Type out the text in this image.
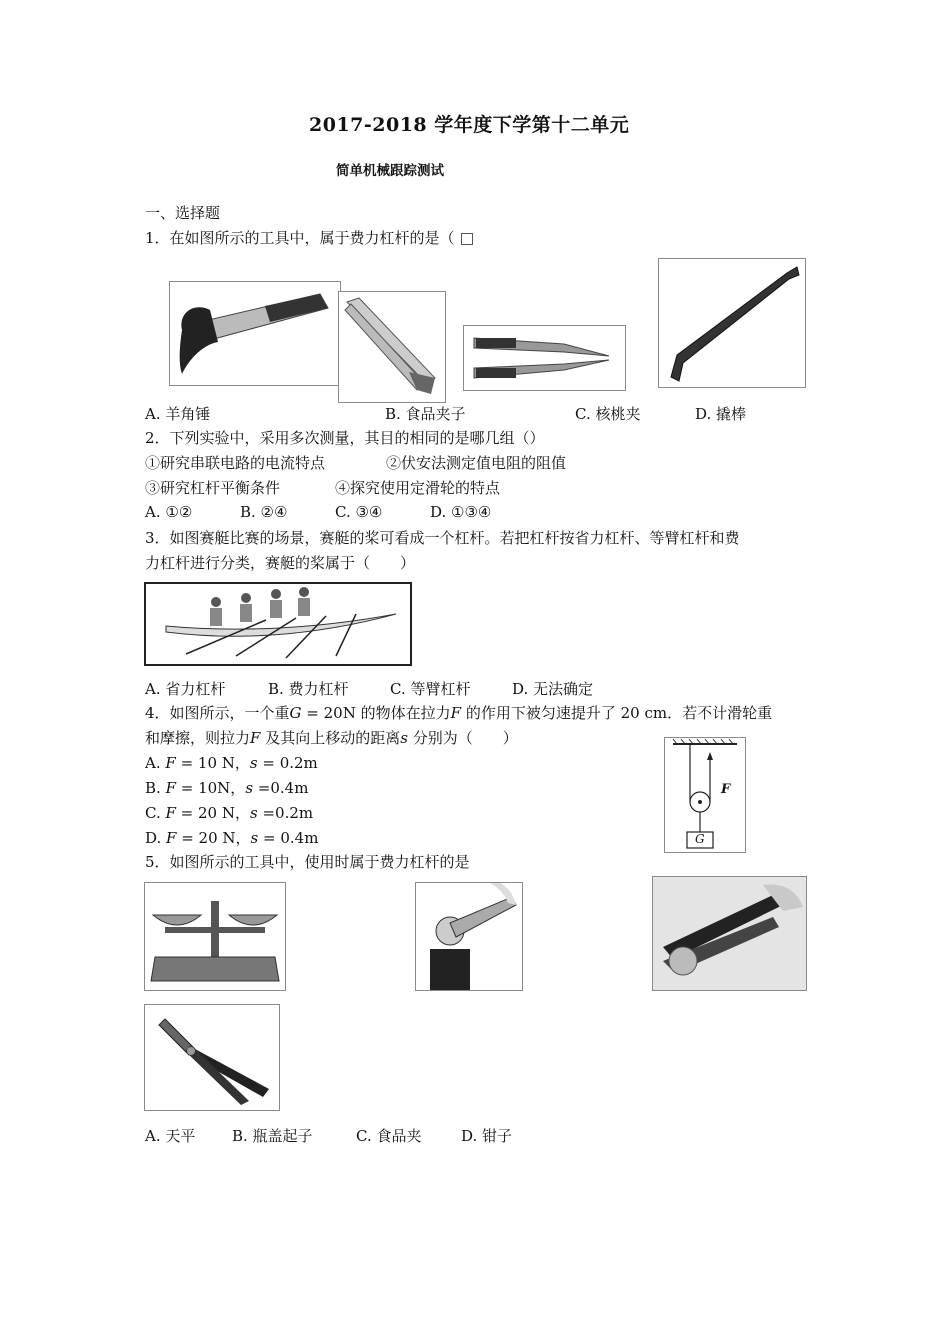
2017-2018 学年度下学第十二单元
简单机械跟踪测试
一、选择题
1．在如图所示的工具中，属于费力杠杆的是（
A. 羊角锤	B. 食品夹子	C. 核桃夹	D. 撬棒
2．下列实验中，采用多次测量，其目的相同的是哪几组（）
①研究串联电路的电流特点	②伏安法测定值电阻的阻值
③研究杠杆平衡条件	④探究使用定滑轮的特点
A. ①②	B. ②④	C. ③④	D. ①③④
3．如图赛艇比赛的场景，赛艇的桨可看成一个杠杆。若把杠杆按省力杠杆、等臂杠杆和费
力杠杆进行分类，赛艇的桨属于（　　）
A. 省力杠杆	B. 费力杠杆	C. 等臂杠杆	D. 无法确定
4．如图所示，一个重G = 20N 的物体在拉力F 的作用下被匀速提升了 20 cm．若不计滑轮重
和摩擦，则拉力F 及其向上移动的距离s 分别为（　　）
A. F = 10 N，s = 0.2m
B. F = 10N，s =0.4m
C. F = 20 N，s =0.2m
D. F = 20 N，s = 0.4m
F
G
5．如图所示的工具中，使用时属于费力杠杆的是
A. 天平 B. 瓶盖起子	C. 食品夹	D. 钳子
